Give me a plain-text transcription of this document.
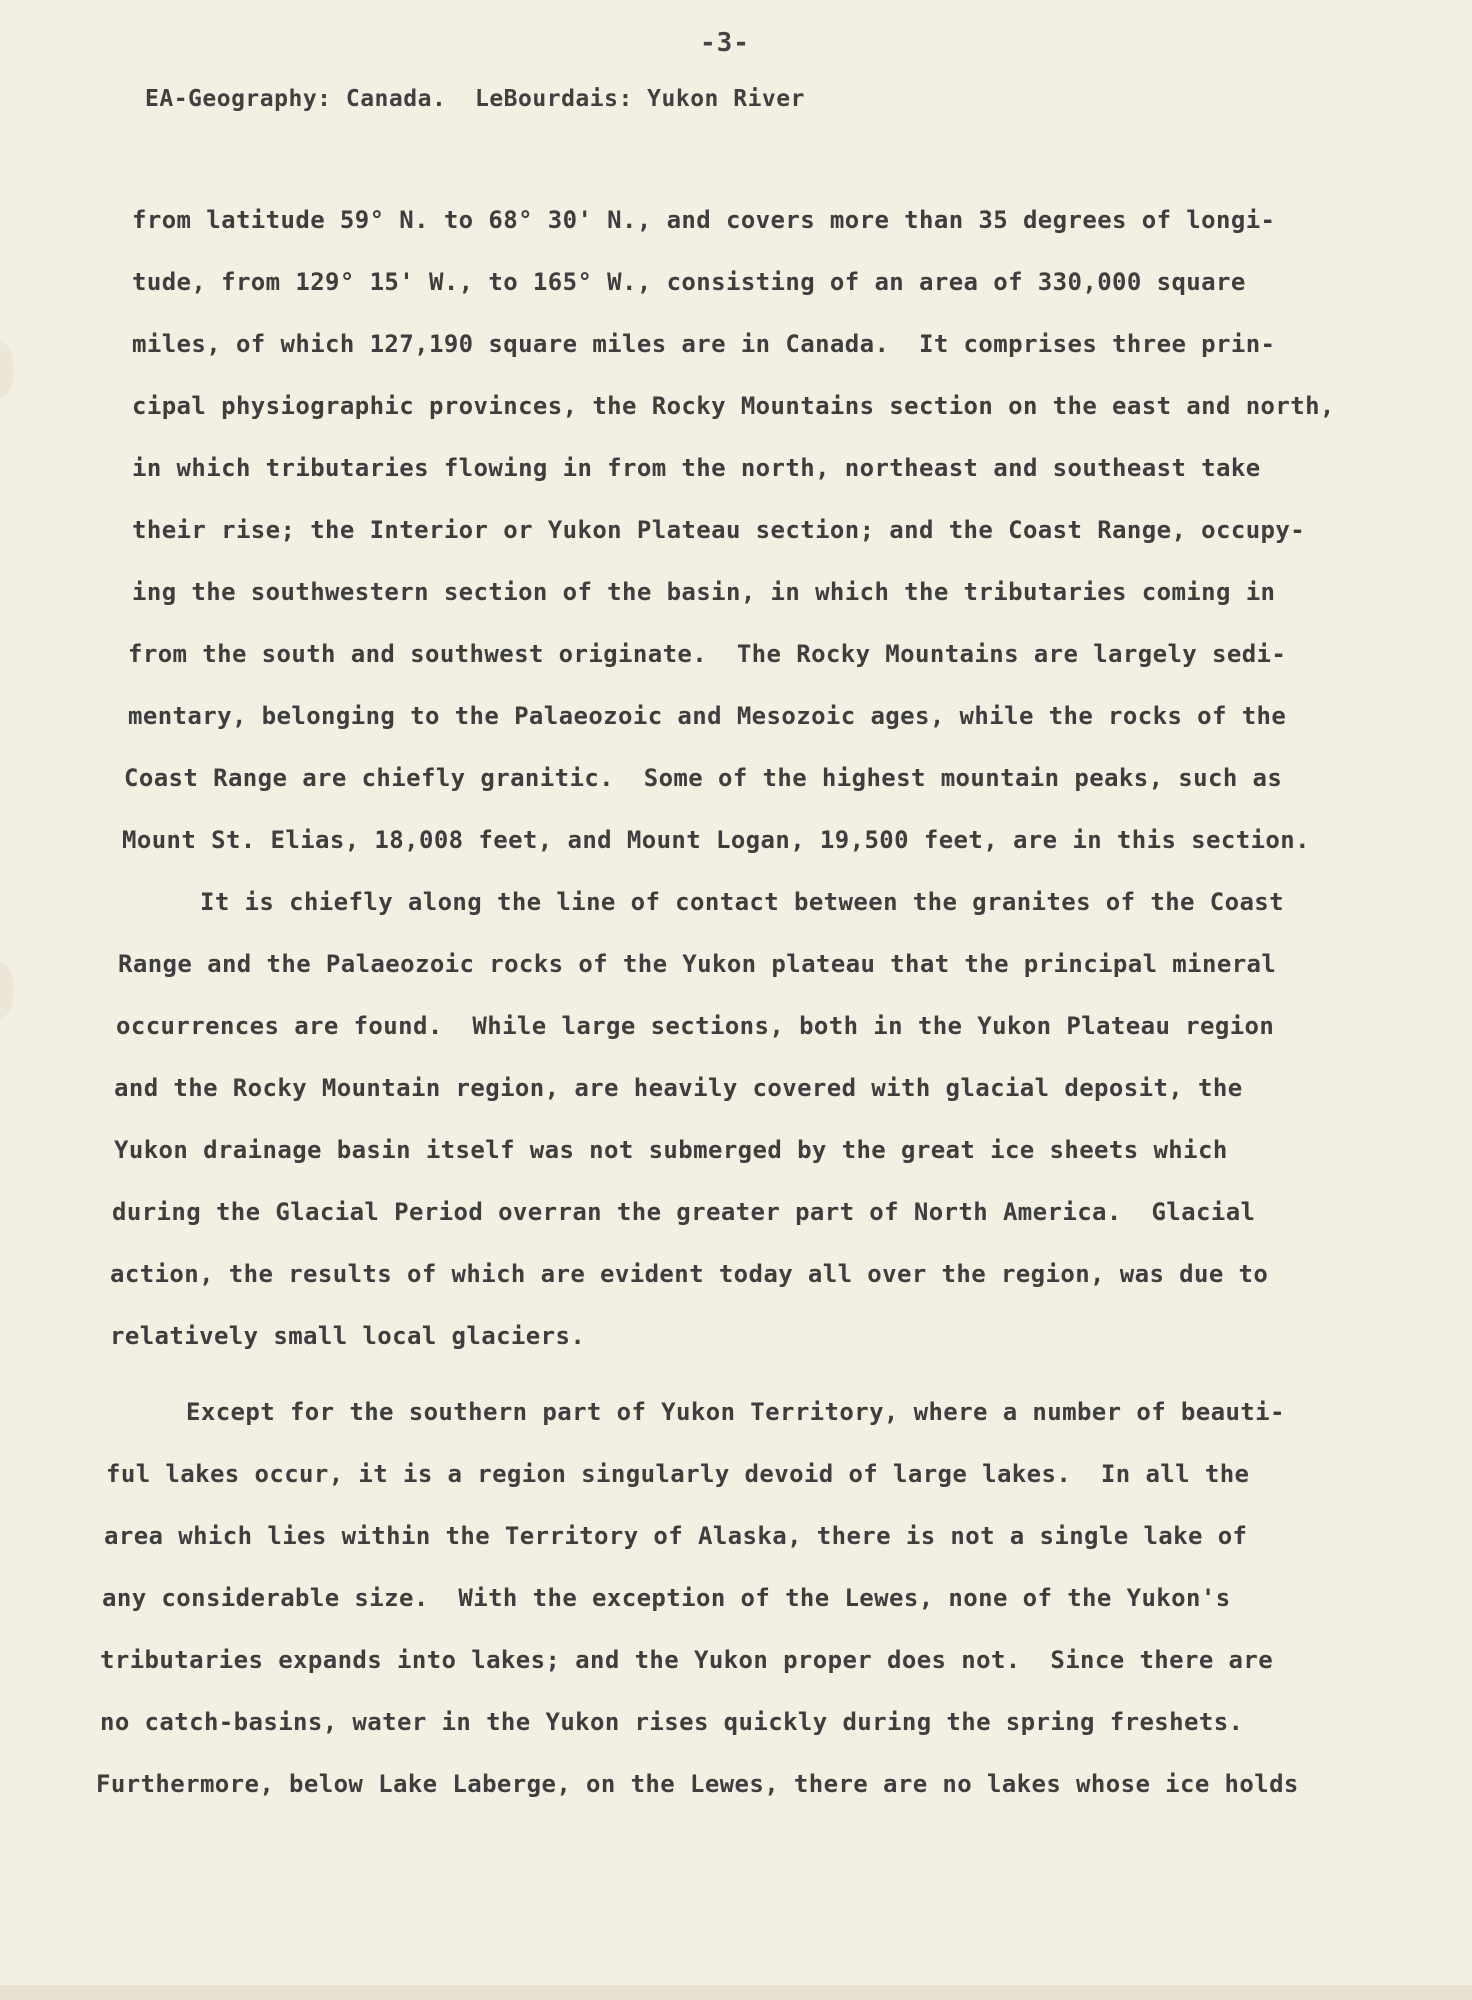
-3-
EA-Geography: Canada.  LeBourdais: Yukon River
from latitude 59° N. to 68° 30' N., and covers more than 35 degrees of longi-
tude, from 129° 15' W., to 165° W., consisting of an area of 330,000 square
miles, of which 127,190 square miles are in Canada.  It comprises three prin-
cipal physiographic provinces, the Rocky Mountains section on the east and north,
in which tributaries flowing in from the north, northeast and southeast take
their rise; the Interior or Yukon Plateau section; and the Coast Range, occupy-
ing the southwestern section of the basin, in which the tributaries coming in
from the south and southwest originate.  The Rocky Mountains are largely sedi-
mentary, belonging to the Palaeozoic and Mesozoic ages, while the rocks of the
Coast Range are chiefly granitic.  Some of the highest mountain peaks, such as
Mount St. Elias, 18,008 feet, and Mount Logan, 19,500 feet, are in this section.
It is chiefly along the line of contact between the granites of the Coast
Range and the Palaeozoic rocks of the Yukon plateau that the principal mineral
occurrences are found.  While large sections, both in the Yukon Plateau region
and the Rocky Mountain region, are heavily covered with glacial deposit, the
Yukon drainage basin itself was not submerged by the great ice sheets which
during the Glacial Period overran the greater part of North America.  Glacial
action, the results of which are evident today all over the region, was due to
relatively small local glaciers.
Except for the southern part of Yukon Territory, where a number of beauti-
ful lakes occur, it is a region singularly devoid of large lakes.  In all the
area which lies within the Territory of Alaska, there is not a single lake of
any considerable size.  With the exception of the Lewes, none of the Yukon's
tributaries expands into lakes; and the Yukon proper does not.  Since there are
no catch-basins, water in the Yukon rises quickly during the spring freshets.
Furthermore, below Lake Laberge, on the Lewes, there are no lakes whose ice holds
